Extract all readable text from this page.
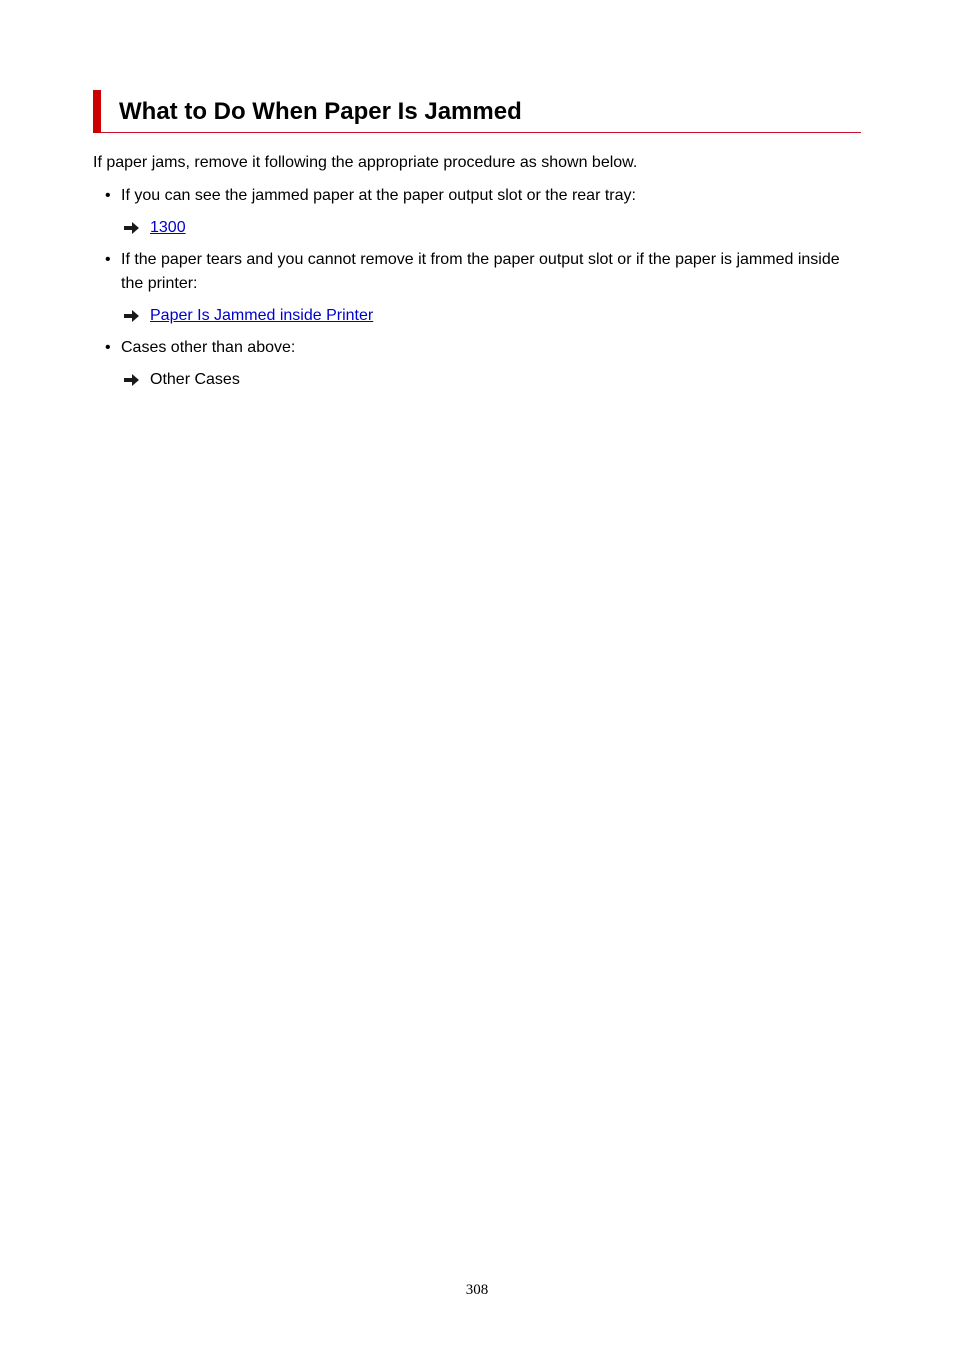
What to Do When Paper Is Jammed
If paper jams, remove it following the appropriate procedure as shown below.
• If you can see the jammed paper at the paper output slot or the rear tray:
1300
• If the paper tears and you cannot remove it from the paper output slot or if the paper is jammed inside the printer:
Paper Is Jammed inside Printer
• Cases other than above:
Other Cases
308
